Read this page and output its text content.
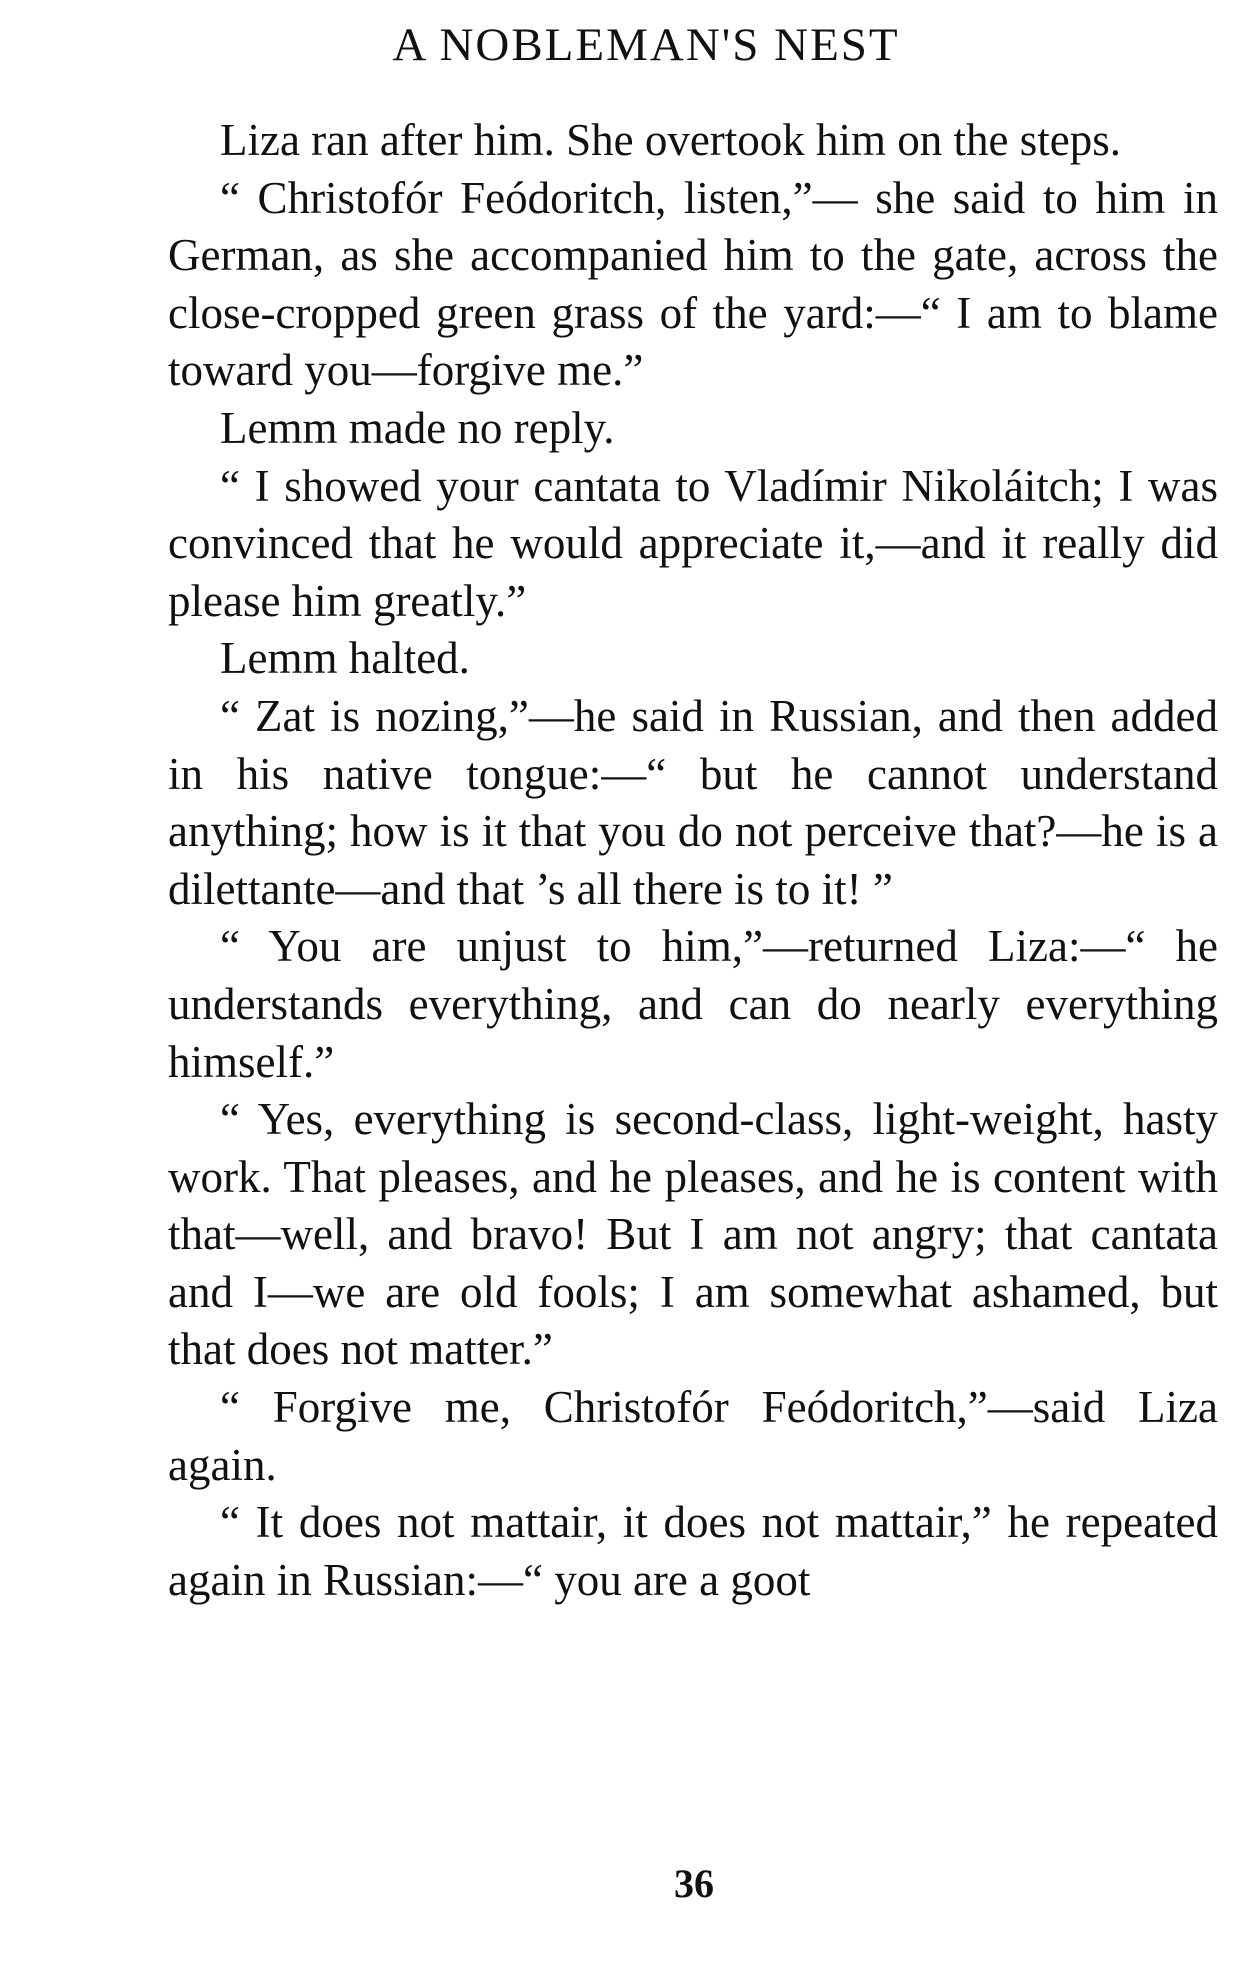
A NOBLEMAN'S NEST

Liza ran after him. She overtook him on the steps.

“ Christofór Feódoritch, listen,”— she said to him in German, as she accompanied him to the gate, across the close-cropped green grass of the yard:—“ I am to blame toward you—forgive me.”

Lemm made no reply.

“ I showed your cantata to Vladímir Nikoláitch; I was convinced that he would appreciate it,—and it really did please him greatly.”

Lemm halted.

“ Zat is nozing,”—he said in Russian, and then added in his native tongue:—“ but he cannot understand anything; how is it that you do not perceive that?—he is a dilettante—and that ’s all there is to it! ”

“ You are unjust to him,”—returned Liza:—“ he understands everything, and can do nearly everything himself.”

“ Yes, everything is second-class, light-weight, hasty work. That pleases, and he pleases, and he is content with that—well, and bravo! But I am not angry; that cantata and I—we are old fools; I am somewhat ashamed, but that does not matter.”

“ Forgive me, Christofór Feódoritch,”—said Liza again.

“ It does not mattair, it does not mattair,” he repeated again in Russian:—“ you are a goot

36
